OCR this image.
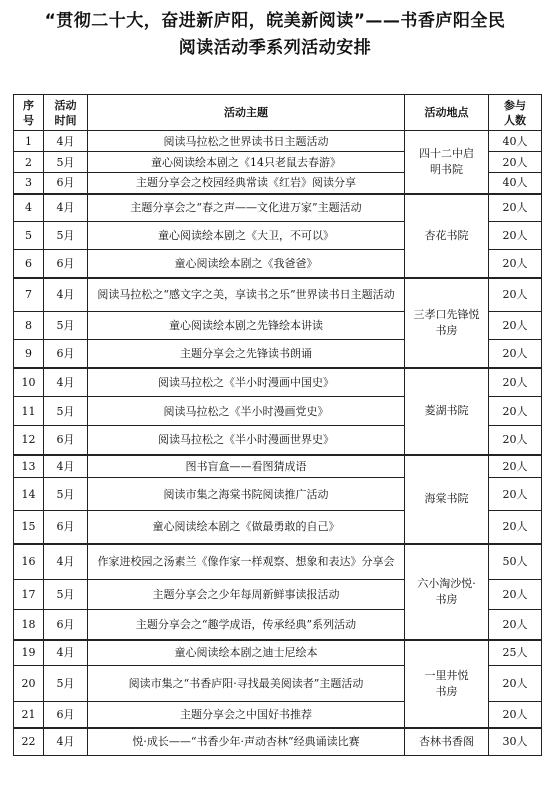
“贯彻二十大，奋进新庐阳，皖美新阅读”——书香庐阳全民
阅读活动季系列活动安排
序号	活动时间	活动主题	活动地点	参与人数
1	4月	阅读马拉松之世界读书日主题活动	四十二中启明书院	40人
2	5月	童心阅读绘本剧之《14只老鼠去春游》		20人
3	6月	主题分享会之校园经典常读《红岩》阅读分享		40人
4	4月	主题分享会之“春之声——文化进万家”主题活动	杏花书院	20人
5	5月	童心阅读绘本剧之《大卫，不可以》		20人
6	6月	童心阅读绘本剧之《我爸爸》		20人
7	4月	阅读马拉松之“感文字之美，享读书之乐”世界读书日主题活动	三孝口先锋悦书房	20人
8	5月	童心阅读绘本剧之先锋绘本讲读		20人
9	6月	主题分享会之先锋读书朗诵		20人
10	4月	阅读马拉松之《半小时漫画中国史》	菱湖书院	20人
11	5月	阅读马拉松之《半小时漫画党史》		20人
12	6月	阅读马拉松之《半小时漫画世界史》		20人
13	4月	图书盲盒——看图猜成语	海棠书院	20人
14	5月	阅读市集之海棠书院阅读推广活动		20人
15	6月	童心阅读绘本剧之《做最勇敢的自己》		20人
16	4月	作家进校园之汤素兰《像作家一样观察、想象和表达》分享会	六小淘沙悦·书房	50人
17	5月	主题分享会之少年每周新鲜事读报活动		20人
18	6月	主题分享会之“趣学成语，传承经典”系列活动		20人
19	4月	童心阅读绘本剧之迪士尼绘本	一里井悦 书房	25人
20	5月	阅读市集之“书香庐阳·寻找最美阅读者”主题活动		20人
21	6月	主题分享会之中国好书推荐		20人
22	4月	悦·成长——“书香少年·声动杏林”经典诵读比赛	杏林书香阁	30人
